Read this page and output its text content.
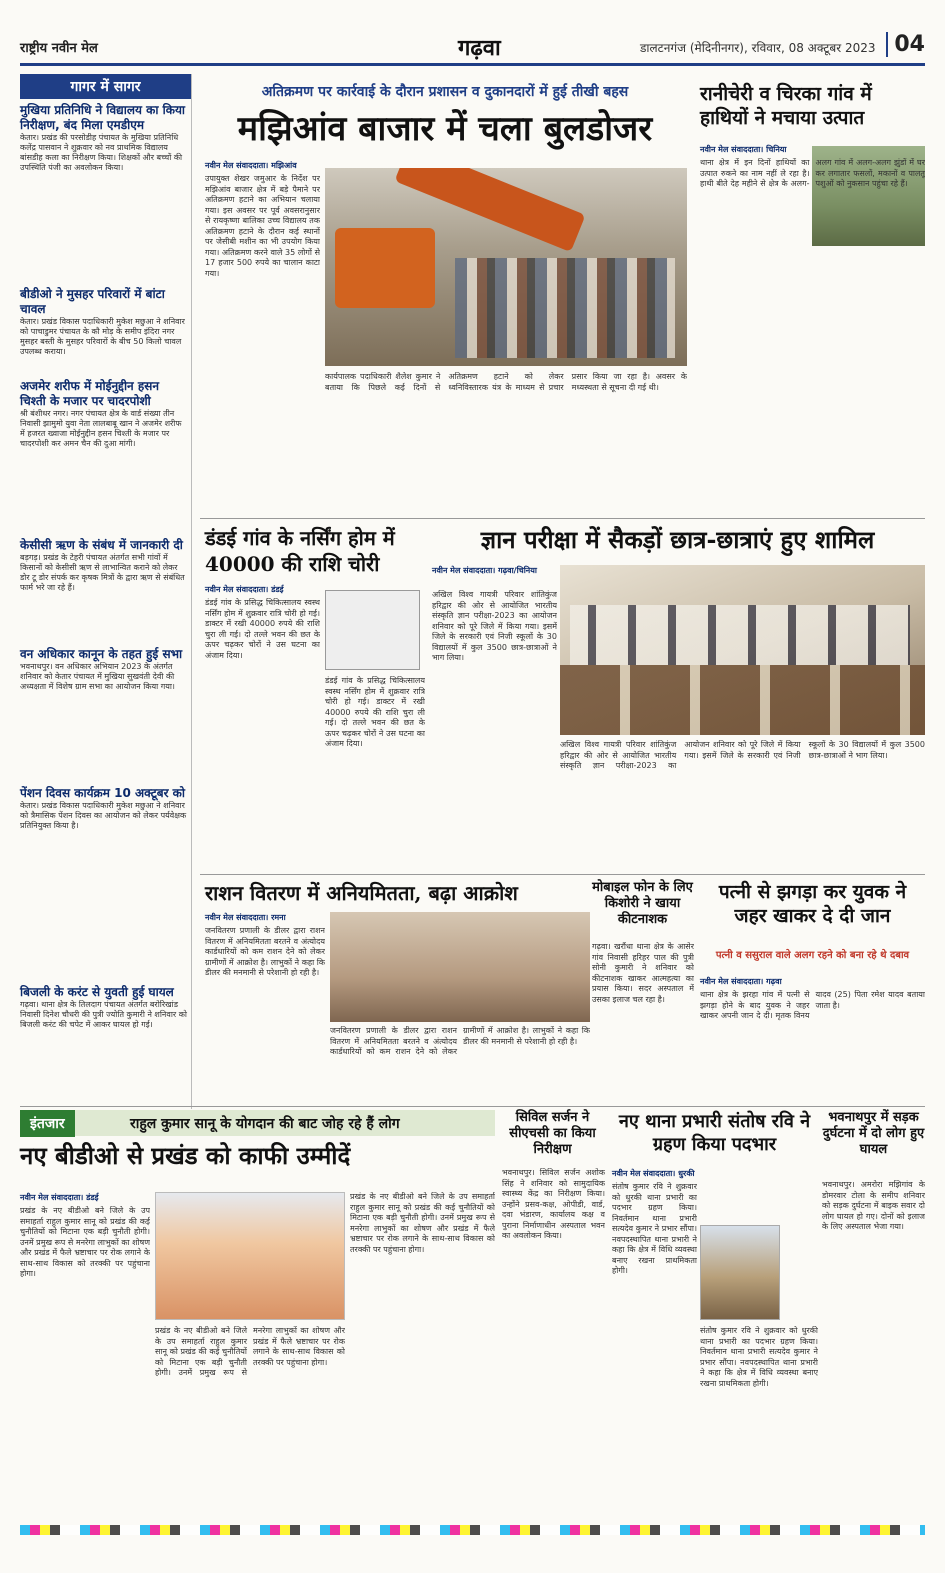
राष्ट्रीय नवीन मेल	गढ़वा	डालटनगंज (मेदिनीनगर), रविवार, 08 अक्टूबर 2023 04
गागर में सागर
मुखिया प्रतिनिधि ने विद्यालय का किया निरीक्षण, बंद मिला एमडीएम

केतार। प्रखंड की परसोडीह पंचायत के मुखिया प्रतिनिधि कलेंद्र पासवान ने शुक्रवार को नव प्राथमिक विद्यालय बांसडीह कला का निरीक्षण किया। शिक्षकों और बच्चों की उपस्थिति पंजी का अवलोकन किया।

बीडीओ ने मुसहर परिवारों में बांटा चावल

केतार। प्रखंड विकास पदाधिकारी मुकेश मछुआ ने शनिवार को पाचाडुमर पंचायत के कौ मोड़ के समीप इंदिरा नगर मुसहर बस्ती के मुसहर परिवारों के बीच 50 किलो चावल उपलब्ध कराया।

अजमेर शरीफ में मोईनुद्दीन हसन चिश्ती के मजार पर चादरपोशी

श्री बंशीधर नगर। नगर पंचायत क्षेत्र के वार्ड संख्या तीन निवासी झामुमो युवा नेता लालबाबू खान ने अजमेर शरीफ में हजरत ख्वाजा मोईनुद्दीन हसन चिश्ती के मजार पर चादरपोशी कर अमन चैन की दुआ मांगी।

केसीसी ऋण के संबंध में जानकारी दी

बड़गड़। प्रखंड के टेहरी पंचायत अंतर्गत सभी गांवों में किसानों को केसीसी ऋण से लाभान्वित कराने को लेकर डोर टू डोर संपर्क कर कृषक मित्रों के द्वारा ऋण से संबंधित फार्म भरे जा रहे हैं।

वन अधिकार कानून के तहत हुई सभा

भवनाथपुर। वन अधिकार अभियान 2023 के अंतर्गत शनिवार को केतार पंचायत में मुखिया सुखवंती देवी की अध्यक्षता में विशेष ग्राम सभा का आयोजन किया गया।

पेंशन दिवस कार्यक्रम 10 अक्टूबर को

केतार। प्रखंड विकास पदाधिकारी मुकेश मछुआ ने शनिवार को त्रैमासिक पेंशन दिवस का आयोजन को लेकर पर्यवेक्षक प्रतिनियुक्त किया है।

बिजली के करंट से युवती हुई घायल

गढ़वा। थाना क्षेत्र के तिलदाग पंचायत अंतर्गत बरोरिखांड निवासी दिनेश चौधरी की पुत्री ज्योति कुमारी ने शनिवार को बिजली करंट की चपेट में आकर घायल हो गई।

अतिक्रमण पर कार्रवाई के दौरान प्रशासन व दुकानदारों में हुई तीखी बहस
मझिआंव बाजार में चला बुलडोजर
नवीन मेल संवाददाता। मझिआंव
उपायुक्त शेखर जमुआर के निर्देश पर मझिआंव बाजार क्षेत्र में बड़े पैमाने पर अतिक्रमण हटाने का अभियान चलाया गया। इस अवसर पर पूर्व अवसरानुसार से रायकृष्णा बालिका उच्च विद्यालय तक अतिक्रमण हटाने के दौरान कई स्थानों पर जेसीबी मशीन का भी उपयोग किया गया। अतिक्रमण करने वाले 35 लोगों से 17 हजार 500 रुपये का चालान काटा गया।
कार्यपालक पदाधिकारी शैलेश कुमार ने बताया कि पिछले कई दिनों से अतिक्रमण हटाने को लेकर ध्वनिविस्तारक यंत्र के माध्यम से प्रचार प्रसार किया जा रहा है। अवसर के मध्यस्थता से सूचना दी गई थी।
रानीचेरी व चिरका गांव में हाथियों ने मचाया उत्पात
नवीन मेल संवाददाता। चिनिया
थाना क्षेत्र में इन दिनों हाथियों का उत्पात रुकने का नाम नहीं ले रहा है। हाथी बीते देह महीने से क्षेत्र के अलग-अलग गांव में अलग-अलग झुंडों में घर कर लगातार फसलों, मकानों व पालतू पशुओं को नुकसान पहुंचा रहे हैं।
डंडई गांव के नर्सिंग होम में 40000 की राशि चोरी
नवीन मेल संवाददाता। डंडई
डंडई गांव के प्रसिद्ध चिकित्सालय स्वस्थ नर्सिंग होम में शुक्रवार रात्रि चोरी हो गई। डाक्टर में रखी 40000 रुपये की राशि चुरा ली गई। दो तल्ले भवन की छत के ऊपर चढ़कर चोरों ने उस घटना का अंजाम दिया।
डंडई गांव के प्रसिद्ध चिकित्सालय स्वस्थ नर्सिंग होम में शुक्रवार रात्रि चोरी हो गई। डाक्टर में रखी 40000 रुपये की राशि चुरा ली गई। दो तल्ले भवन की छत के ऊपर चढ़कर चोरों ने उस घटना का अंजाम दिया।
ज्ञान परीक्षा में सैकड़ों छात्र-छात्राएं हुए शामिल
नवीन मेल संवाददाता। गढ़वा/चिनिया
अखिल विश्व गायत्री परिवार शांतिकुंज हरिद्वार की ओर से आयोजित भारतीय संस्कृति ज्ञान परीक्षा-2023 का आयोजन शनिवार को पूरे जिले में किया गया। इसमें जिले के सरकारी एवं निजी स्कूलों के 30 विद्यालयों में कुल 3500 छात्र-छात्राओं ने भाग लिया।
अखिल विश्व गायत्री परिवार शांतिकुंज हरिद्वार की ओर से आयोजित भारतीय संस्कृति ज्ञान परीक्षा-2023 का आयोजन शनिवार को पूरे जिले में किया गया। इसमें जिले के सरकारी एवं निजी स्कूलों के 30 विद्यालयों में कुल 3500 छात्र-छात्राओं ने भाग लिया।
राशन वितरण में अनियमितता, बढ़ा आक्रोश
नवीन मेल संवाददाता। रमना
जनवितरण प्रणाली के डीलर द्वारा राशन वितरण में अनियमितता बरतने व अंत्योदय कार्डधारियों को कम राशन देने को लेकर ग्रामीणों में आक्रोश है। लाभुकों ने कहा कि डीलर की मनमानी से परेशानी हो रही है।
जनवितरण प्रणाली के डीलर द्वारा राशन वितरण में अनियमितता बरतने व अंत्योदय कार्डधारियों को कम राशन देने को लेकर ग्रामीणों में आक्रोश है। लाभुकों ने कहा कि डीलर की मनमानी से परेशानी हो रही है।
मोबाइल फोन के लिए किशोरी ने खाया कीटनाशक
गढ़वा। खरौंधा थाना क्षेत्र के आसेर गांव निवासी हरिहर पाल की पुत्री सोनी कुमारी ने शनिवार को कीटनाशक खाकर आत्महत्या का प्रयास किया। सदर अस्पताल में उसका इलाज चल रहा है।
पत्नी से झगड़ा कर युवक ने जहर खाकर दे दी जान
पत्नी व ससुराल वाले अलग रहने को बना रहे थे दबाव
नवीन मेल संवाददाता। गढ़वा
थाना क्षेत्र के झरहा गांव में पत्नी से झगड़ा होने के बाद युवक ने जहर खाकर अपनी जान दे दी। मृतक विनय यादव (25) पिता रमेश यादव बताया जाता है।
इंतजार	राहुल कुमार सानू के योगदान की बाट जोह रहे हैं लोग
नए बीडीओ से प्रखंड को काफी उम्मीदें
नवीन मेल संवाददाता। डंडई
प्रखंड के नए बीडीओ बने जिले के उप समाहर्ता राहुल कुमार सानू को प्रखंड की कई चुनौतियों को मिटाना एक बड़ी चुनौती होगी। उनमें प्रमुख रूप से मनरेगा लाभुकों का शोषण और प्रखंड में फैले भ्रष्टाचार पर रोक लगाने के साथ-साथ विकास को तरक्की पर पहुंचाना होगा।
प्रखंड के नए बीडीओ बने जिले के उप समाहर्ता राहुल कुमार सानू को प्रखंड की कई चुनौतियों को मिटाना एक बड़ी चुनौती होगी। उनमें प्रमुख रूप से मनरेगा लाभुकों का शोषण और प्रखंड में फैले भ्रष्टाचार पर रोक लगाने के साथ-साथ विकास को तरक्की पर पहुंचाना होगा।
प्रखंड के नए बीडीओ बने जिले के उप समाहर्ता राहुल कुमार सानू को प्रखंड की कई चुनौतियों को मिटाना एक बड़ी चुनौती होगी। उनमें प्रमुख रूप से मनरेगा लाभुकों का शोषण और प्रखंड में फैले भ्रष्टाचार पर रोक लगाने के साथ-साथ विकास को तरक्की पर पहुंचाना होगा।
सिविल सर्जन ने सीएचसी का किया निरीक्षण
भवनाथपुर। सिविल सर्जन अशोक सिंह ने शनिवार को सामुदायिक स्वास्थ्य केंद्र का निरीक्षण किया। उन्होंने प्रसव-कक्ष, ओपीडी, वार्ड, दवा भंडारण, कार्यालय कक्ष व पुराना निर्माणाधीन अस्पताल भवन का अवलोकन किया।
नए थाना प्रभारी संतोष रवि ने ग्रहण किया पदभार
नवीन मेल संवाददाता। धुरकी
संतोष कुमार रवि ने शुक्रवार को धुरकी थाना प्रभारी का पदभार ग्रहण किया। निवर्तमान थाना प्रभारी सत्यदेव कुमार ने प्रभार सौंपा। नवपदस्थापित थाना प्रभारी ने कहा कि क्षेत्र में विधि व्यवस्था बनाए रखना प्राथमिकता होगी।
संतोष कुमार रवि ने शुक्रवार को धुरकी थाना प्रभारी का पदभार ग्रहण किया। निवर्तमान थाना प्रभारी सत्यदेव कुमार ने प्रभार सौंपा। नवपदस्थापित थाना प्रभारी ने कहा कि क्षेत्र में विधि व्यवस्था बनाए रखना प्राथमिकता होगी।
भवनाथपुर में सड़क दुर्घटना में दो लोग हुए घायल
भवनाथपुर। अमरोरा मझिगांव के डोमरवार टोला के समीप शनिवार को सड़क दुर्घटना में बाइक सवार दो लोग घायल हो गए। दोनों को इलाज के लिए अस्पताल भेजा गया।
